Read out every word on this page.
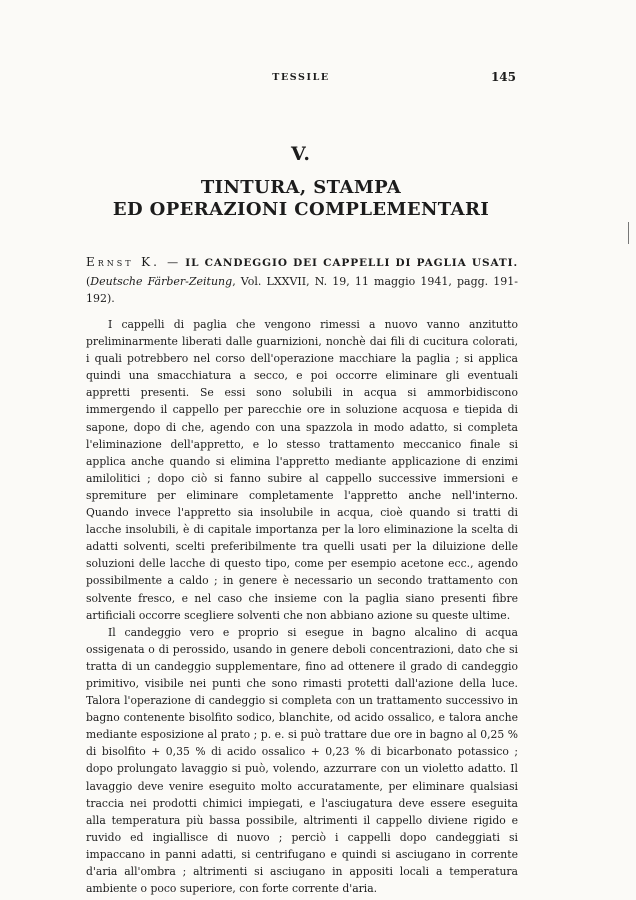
TESSILE	145
V.
TINTURA, STAMPA
ED OPERAZIONI COMPLEMENTARI
Ernst K. — IL CANDEGGIO DEI CAPPELLI DI PAGLIA USATI. (Deutsche Färber-Zeitung, Vol. LXXVII, N. 19, 11 maggio 1941, pagg. 191-192).

I cappelli di paglia che vengono rimessi a nuovo vanno anzitutto preliminarmente liberati dalle guarnizioni, nonchè dai fili di cucitura colorati, i quali potrebbero nel corso dell'operazione macchiare la paglia ; si applica quindi una smacchiatura a secco, e poi occorre eliminare gli eventuali appretti presenti. Se essi sono solubili in acqua si ammorbidiscono immergendo il cappello per parecchie ore in soluzione acquosa e tiepida di sapone, dopo di che, agendo con una spazzola in modo adatto, si completa l'eliminazione dell'appretto, e lo stesso trattamento meccanico finale si applica anche quando si elimina l'appretto mediante applicazione di enzimi amilolitici ; dopo ciò si fanno subire al cappello successive immersioni e spremiture per eliminare completamente l'appretto anche nell'interno. Quando invece l'appretto sia insolubile in acqua, cioè quando si tratti di lacche insolubili, è di capitale importanza per la loro eliminazione la scelta di adatti solventi, scelti preferibilmente tra quelli usati per la diluizione delle soluzioni delle lacche di questo tipo, come per esempio acetone ecc., agendo possibilmente a caldo ; in genere è necessario un secondo trattamento con solvente fresco, e nel caso che insieme con la paglia siano presenti fibre artificiali occorre scegliere solventi che non abbiano azione su queste ultime.

Il candeggio vero e proprio si esegue in bagno alcalino di acqua ossigenata o di perossido, usando in genere deboli concentrazioni, dato che si tratta di un candeggio supplementare, fino ad ottenere il grado di candeggio primitivo, visibile nei punti che sono rimasti protetti dall'azione della luce. Talora l'operazione di candeggio si completa con un trattamento successivo in bagno contenente bisolfito sodico, blanchite, od acido ossalico, e talora anche mediante esposizione al prato ; p. e. si può trattare due ore in bagno al 0,25 % di bisolfito + 0,35 % di acido ossalico + 0,23 % di bicarbonato potassico ; dopo prolungato lavaggio si può, volendo, azzurrare con un violetto adatto. Il lavaggio deve venire eseguito molto accuratamente, per eliminare qualsiasi traccia nei prodotti chimici impiegati, e l'asciugatura deve essere eseguita alla temperatura più bassa possibile, altrimenti il cappello diviene rigido e ruvido ed ingiallisce di nuovo ; perciò i cappelli dopo candeggiati si impaccano in panni adatti, si centrifugano e quindi si asciugano in corrente d'aria all'ombra ; altrimenti si asciugano in appositi locali a temperatura ambiente o poco superiore, con forte corrente d'aria.
